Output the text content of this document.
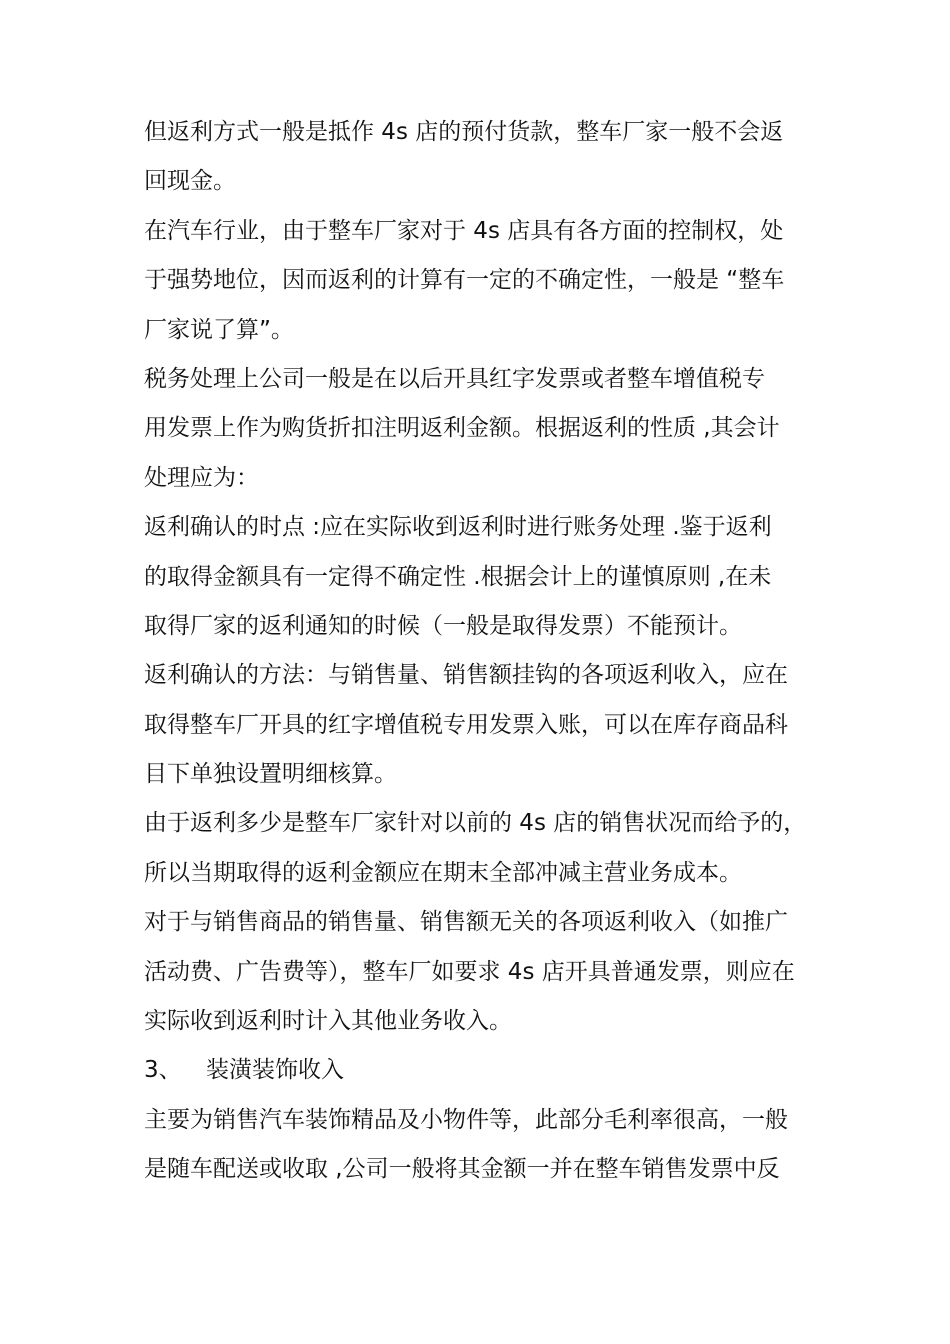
但返利方式一般是抵作 4s 店的预付货款，整车厂家一般不会返
回现金。
在汽车行业，由于整车厂家对于 4s 店具有各方面的控制权，处
于强势地位，因而返利的计算有一定的不确定性，一般是 “整车
厂家说了算”。
税务处理上公司一般是在以后开具红字发票或者整车增值税专
用发票上作为购货折扣注明返利金额。根据返利的性质 ,其会计
处理应为：
返利确认的时点 :应在实际收到返利时进行账务处理 .鉴于返利
的取得金额具有一定得不确定性 .根据会计上的谨慎原则 ,在未
取得厂家的返利通知的时候（一般是取得发票）不能预计。
返利确认的方法：与销售量、销售额挂钩的各项返利收入，应在
取得整车厂开具的红字增值税专用发票入账，可以在库存商品科
目下单独设置明细核算。
由于返利多少是整车厂家针对以前的 4s 店的销售状况而给予的，
所以当期取得的返利金额应在期末全部冲减主营业务成本。
对于与销售商品的销售量、销售额无关的各项返利收入（如推广
活动费、广告费等），整车厂如要求 4s 店开具普通发票，则应在
实际收到返利时计入其他业务收入。
3、 装潢装饰收入
主要为销售汽车装饰精品及小物件等，此部分毛利率很高，一般
是随车配送或收取 ,公司一般将其金额一并在整车销售发票中反
